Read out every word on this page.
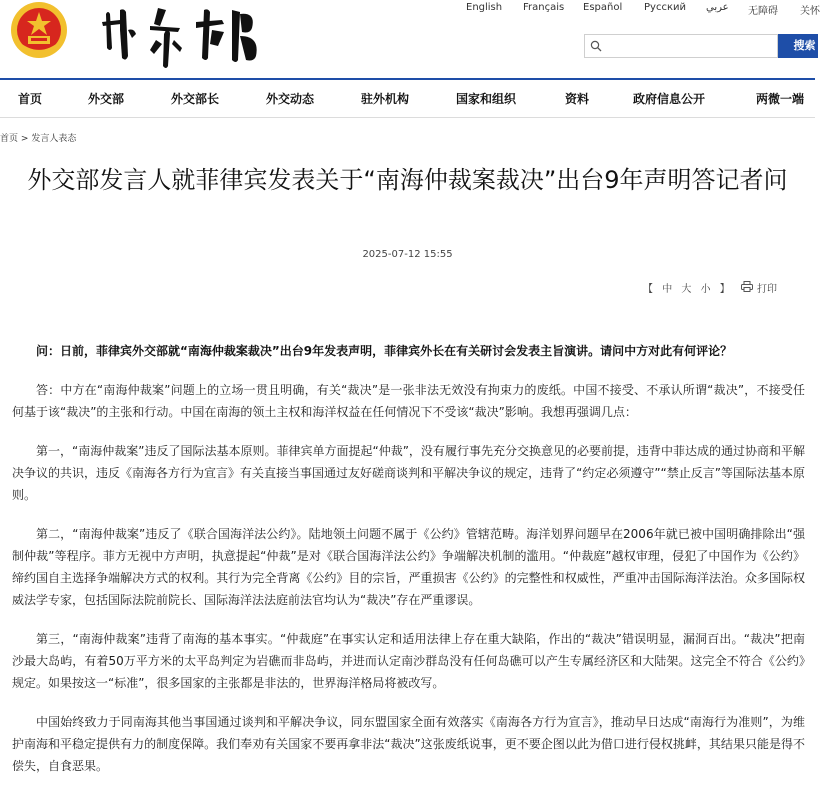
English Français Español Русский عربي 无障碍 关怀
搜索
首页	外交部	外交部长	外交动态	驻外机构	国家和组织	资料	政府信息公开	两微一端
首页 > 发言人表态
外交部发言人就菲律宾发表关于“南海仲裁案裁决”出台9年声明答记者问
2025-07-12 15:55
【 中 大 小 】	打印

问：日前，菲律宾外交部就“南海仲裁案裁决”出台9年发表声明，菲律宾外长在有关研讨会发表主旨演讲。请问中方对此有何评论？

答：中方在“南海仲裁案”问题上的立场一贯且明确，有关“裁决”是一张非法无效没有拘束力的废纸。中国不接受、不承认所谓“裁决”，不接受任何基于该“裁决”的主张和行动。中国在南海的领土主权和海洋权益在任何情况下不受该“裁决”影响。我想再强调几点：

第一，“南海仲裁案”违反了国际法基本原则。菲律宾单方面提起“仲裁”，没有履行事先充分交换意见的必要前提，违背中菲达成的通过协商和平解决争议的共识，违反《南海各方行为宣言》有关直接当事国通过友好磋商谈判和平解决争议的规定，违背了“约定必须遵守”“禁止反言”等国际法基本原则。

第二，“南海仲裁案”违反了《联合国海洋法公约》。陆地领土问题不属于《公约》管辖范畴。海洋划界问题早在2006年就已被中国明确排除出“强制仲裁”等程序。菲方无视中方声明，执意提起“仲裁”是对《联合国海洋法公约》争端解决机制的滥用。“仲裁庭”越权审理，侵犯了中国作为《公约》缔约国自主选择争端解决方式的权利。其行为完全背离《公约》目的宗旨，严重损害《公约》的完整性和权威性，严重冲击国际海洋法治。众多国际权威法学专家，包括国际法院前院长、国际海洋法法庭前法官均认为“裁决”存在严重谬误。

第三，“南海仲裁案”违背了南海的基本事实。“仲裁庭”在事实认定和适用法律上存在重大缺陷，作出的“裁决”错误明显，漏洞百出。“裁决”把南沙最大岛屿，有着50万平方米的太平岛判定为岩礁而非岛屿，并进而认定南沙群岛没有任何岛礁可以产生专属经济区和大陆架。这完全不符合《公约》规定。如果按这一“标准”，很多国家的主张都是非法的，世界海洋格局将被改写。

中国始终致力于同南海其他当事国通过谈判和平解决争议，同东盟国家全面有效落实《南海各方行为宣言》，推动早日达成“南海行为准则”，为维护南海和平稳定提供有力的制度保障。我们奉劝有关国家不要再拿非法“裁决”这张废纸说事，更不要企图以此为借口进行侵权挑衅，其结果只能是得不偿失，自食恶果。
